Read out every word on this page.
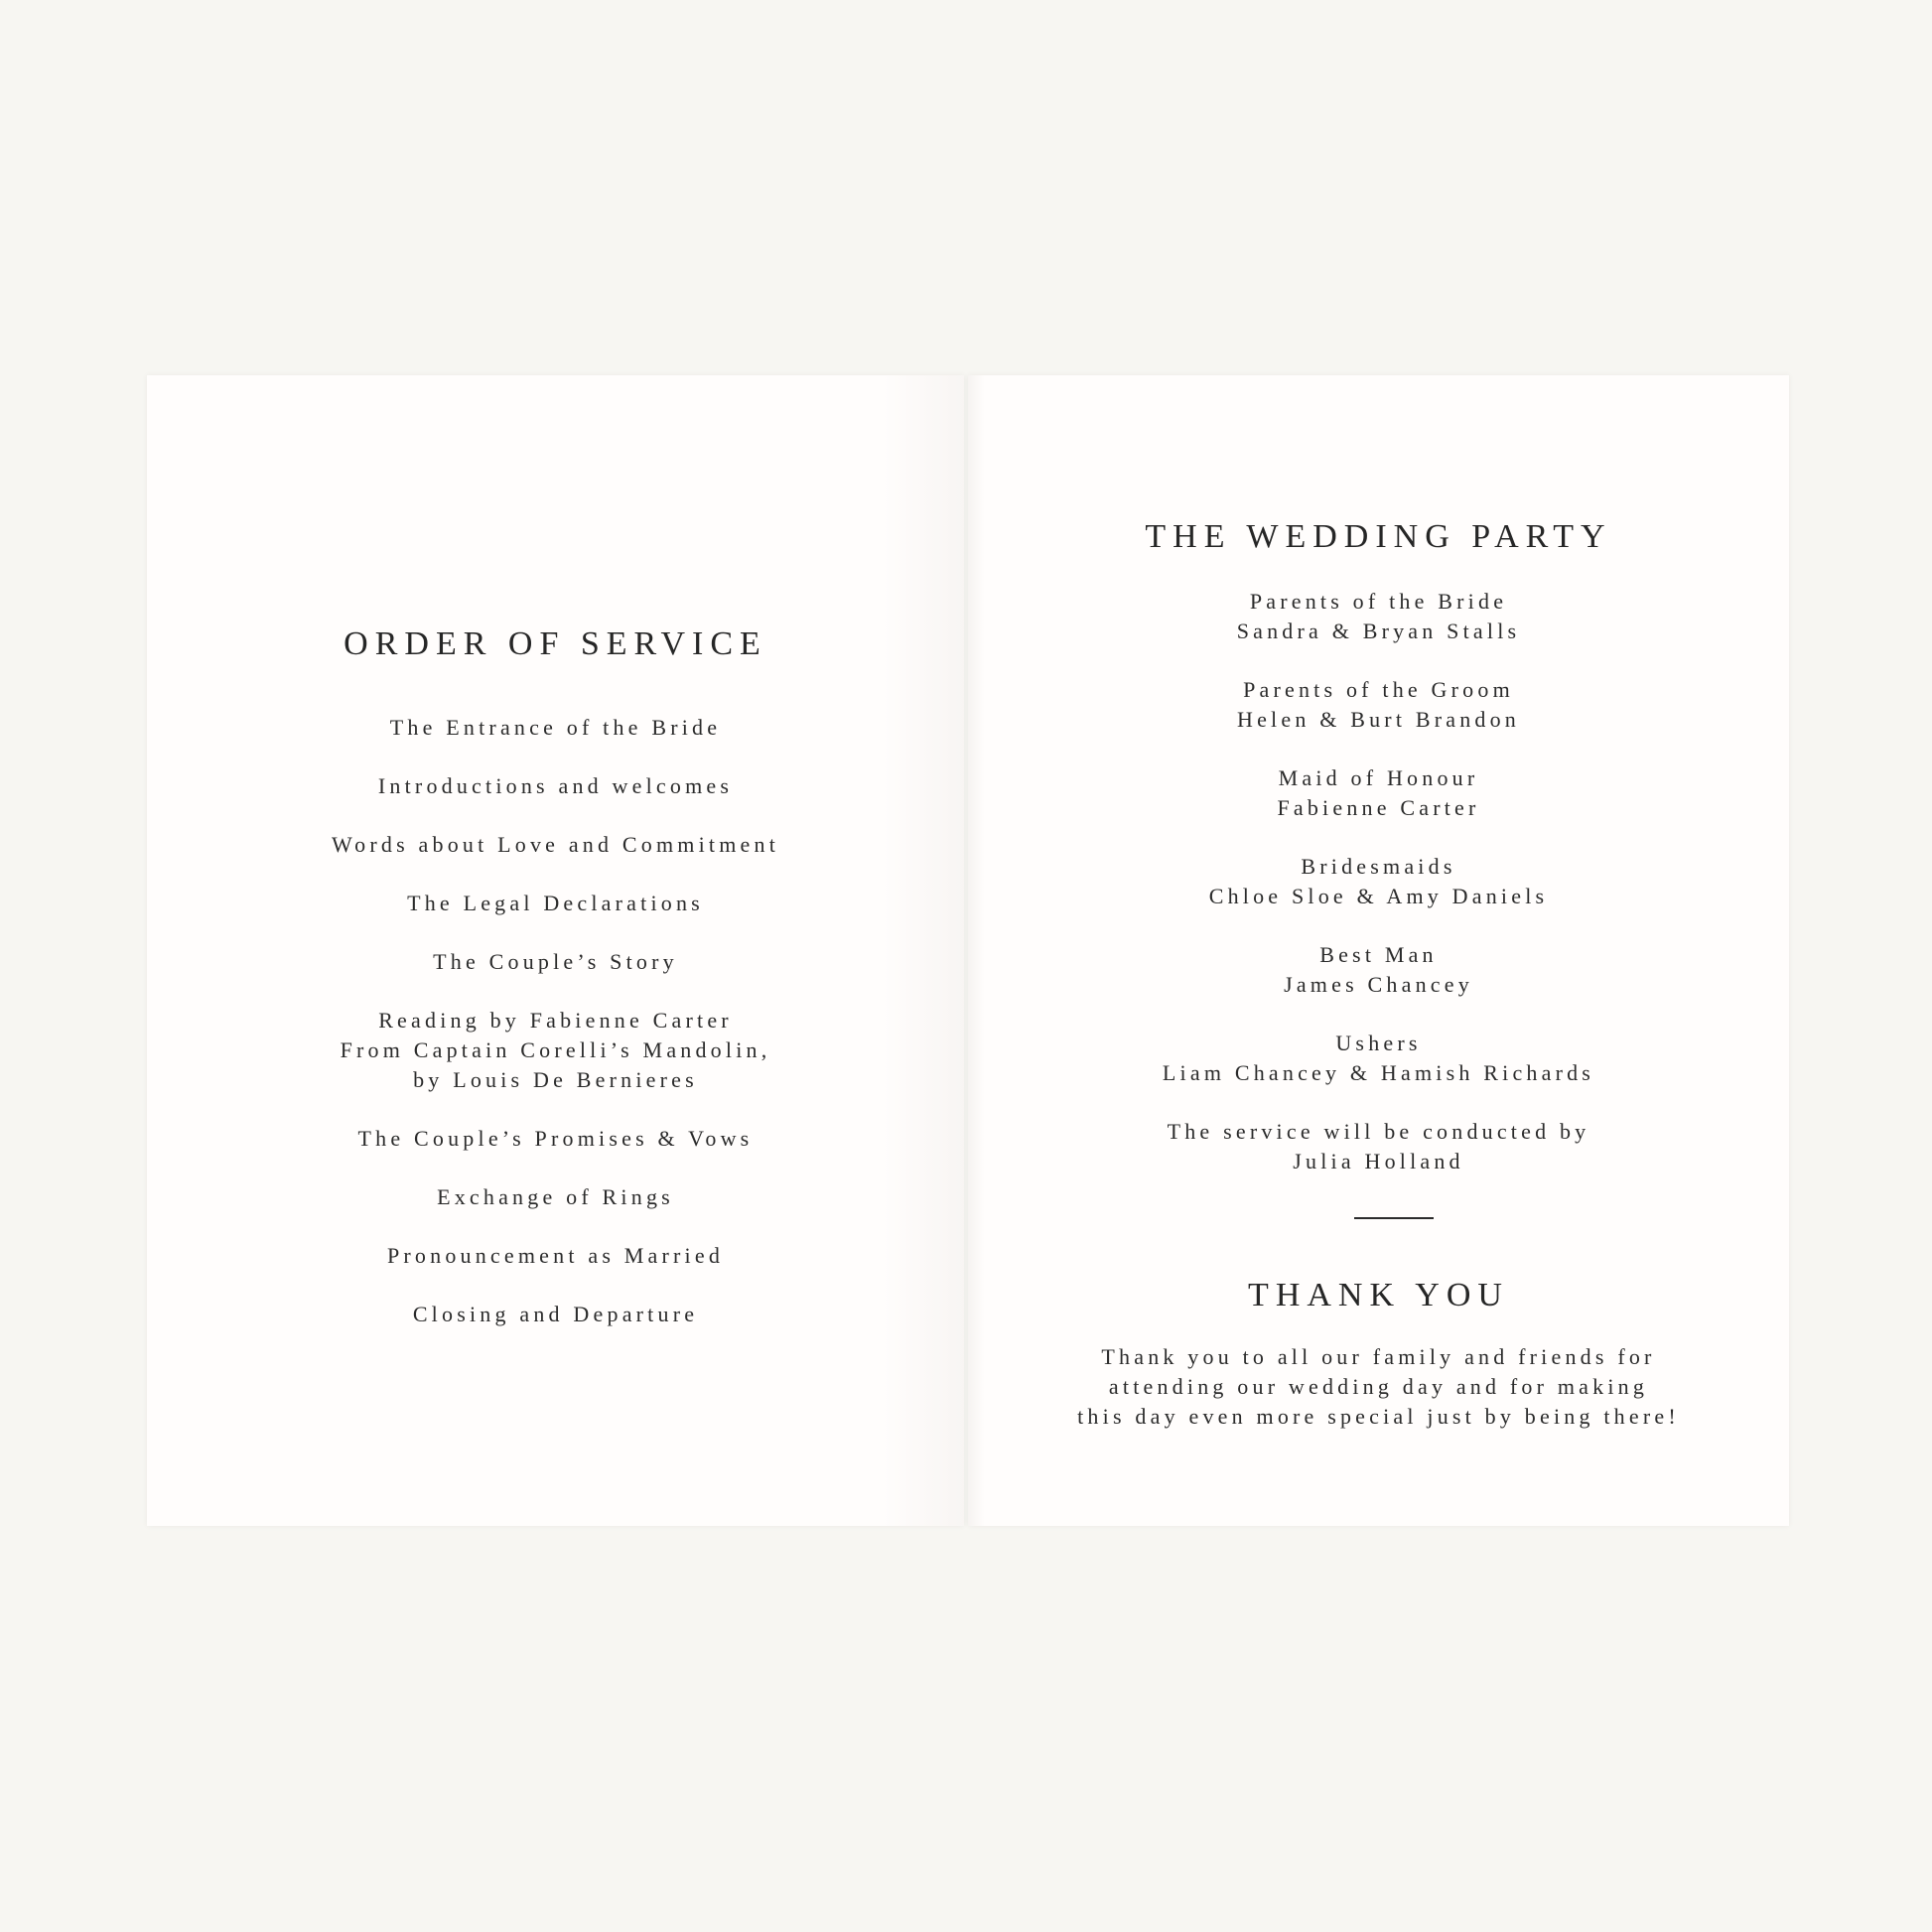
ORDER OF SERVICE
The Entrance of the Bride
Introductions and welcomes
Words about Love and Commitment
The Legal Declarations
The Couple’s Story
Reading by Fabienne Carter
From Captain Corelli’s Mandolin,
by Louis De Bernieres
The Couple’s Promises & Vows
Exchange of Rings
Pronouncement as Married
Closing and Departure
THE WEDDING PARTY
Parents of the Bride
Sandra & Bryan Stalls
Parents of the Groom
Helen & Burt Brandon
Maid of Honour
Fabienne Carter
Bridesmaids
Chloe Sloe & Amy Daniels
Best Man
James Chancey
Ushers
Liam Chancey & Hamish Richards
The service will be conducted by
Julia Holland
THANK YOU
Thank you to all our family and friends for
attending our wedding day and for making
this day even more special just by being there!
